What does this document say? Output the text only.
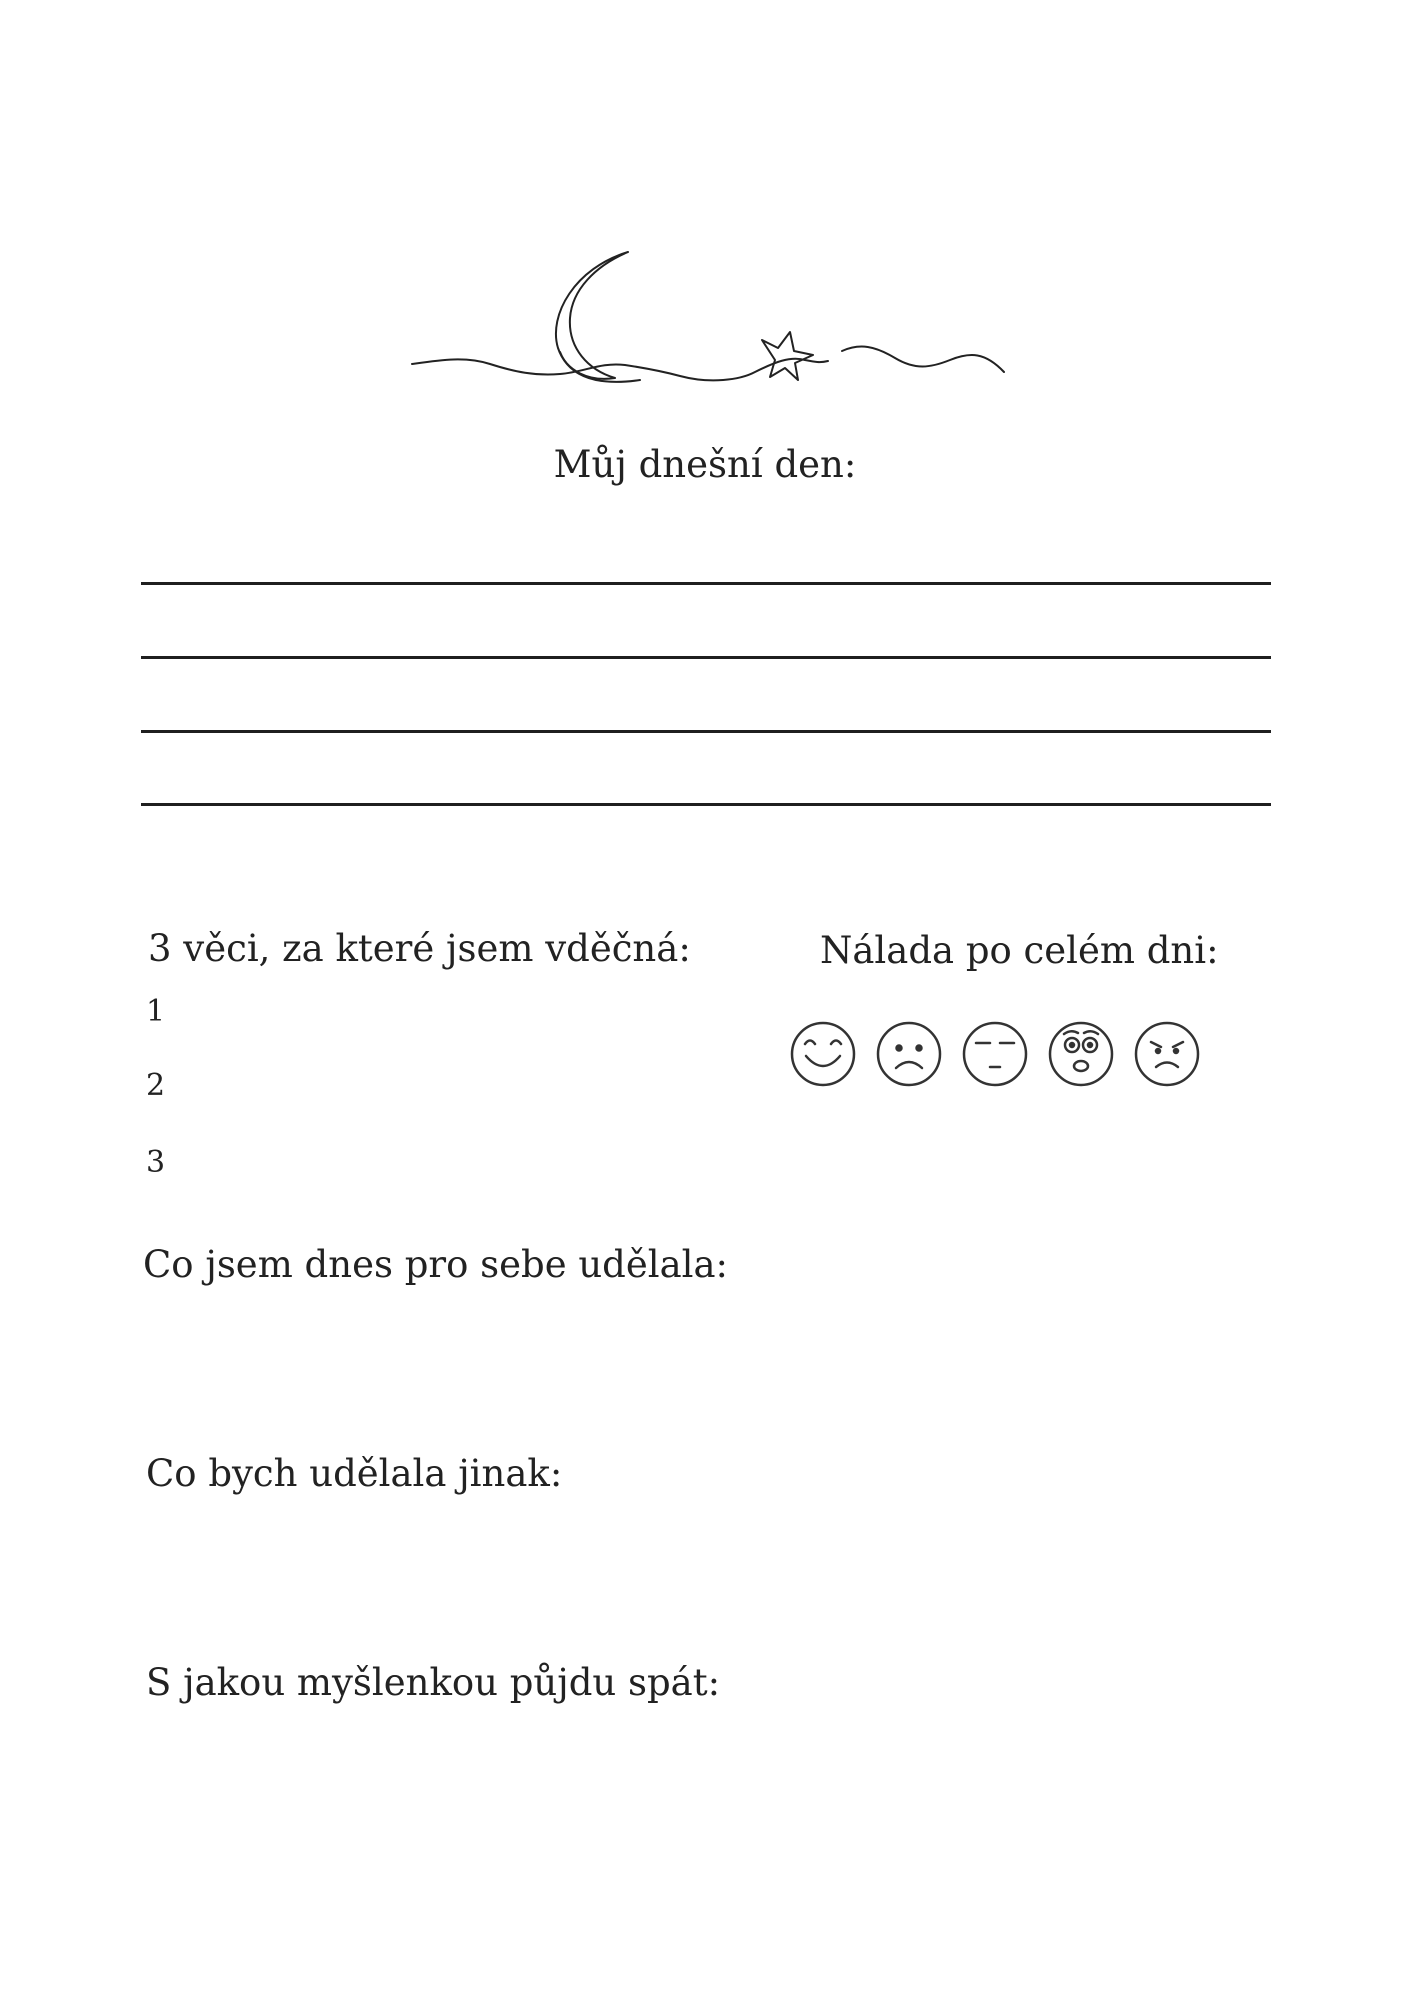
Můj dnešní den:
3 věci, za které jsem vděčná:
1
2
3
Nálada po celém dni:
Co jsem dnes pro sebe udělala:
Co bych udělala jinak:
S jakou myšlenkou půjdu spát:
